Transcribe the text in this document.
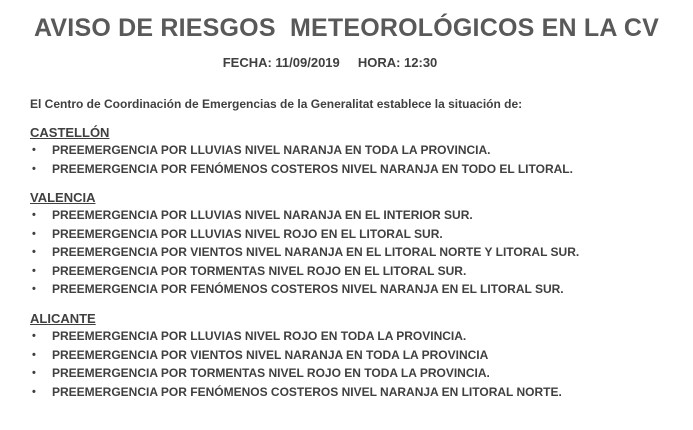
AVISO DE RIESGOS  METEOROLÓGICOS EN LA CV
FECHA: 11/09/2019     HORA: 12:30
El Centro de Coordinación de Emergencias de la Generalitat establece la situación de:
CASTELLÓN
• PREEMERGENCIA POR LLUVIAS NIVEL NARANJA EN TODA LA PROVINCIA.
• PREEMERGENCIA POR FENÓMENOS COSTEROS NIVEL NARANJA EN TODO EL LITORAL.
VALENCIA
• PREEMERGENCIA POR LLUVIAS NIVEL NARANJA EN EL INTERIOR SUR.
• PREEMERGENCIA POR LLUVIAS NIVEL ROJO EN EL LITORAL SUR.
• PREEMERGENCIA POR VIENTOS NIVEL NARANJA EN EL LITORAL NORTE Y LITORAL SUR.
• PREEMERGENCIA POR TORMENTAS NIVEL ROJO EN EL LITORAL SUR.
• PREEMERGENCIA POR FENÓMENOS COSTEROS NIVEL NARANJA EN EL LITORAL SUR.
ALICANTE
• PREEMERGENCIA POR LLUVIAS NIVEL ROJO EN TODA LA PROVINCIA.
• PREEMERGENCIA POR VIENTOS NIVEL NARANJA EN TODA LA PROVINCIA
• PREEMERGENCIA POR TORMENTAS NIVEL ROJO EN TODA LA PROVINCIA.
• PREEMERGENCIA POR FENÓMENOS COSTEROS NIVEL NARANJA EN LITORAL NORTE.
